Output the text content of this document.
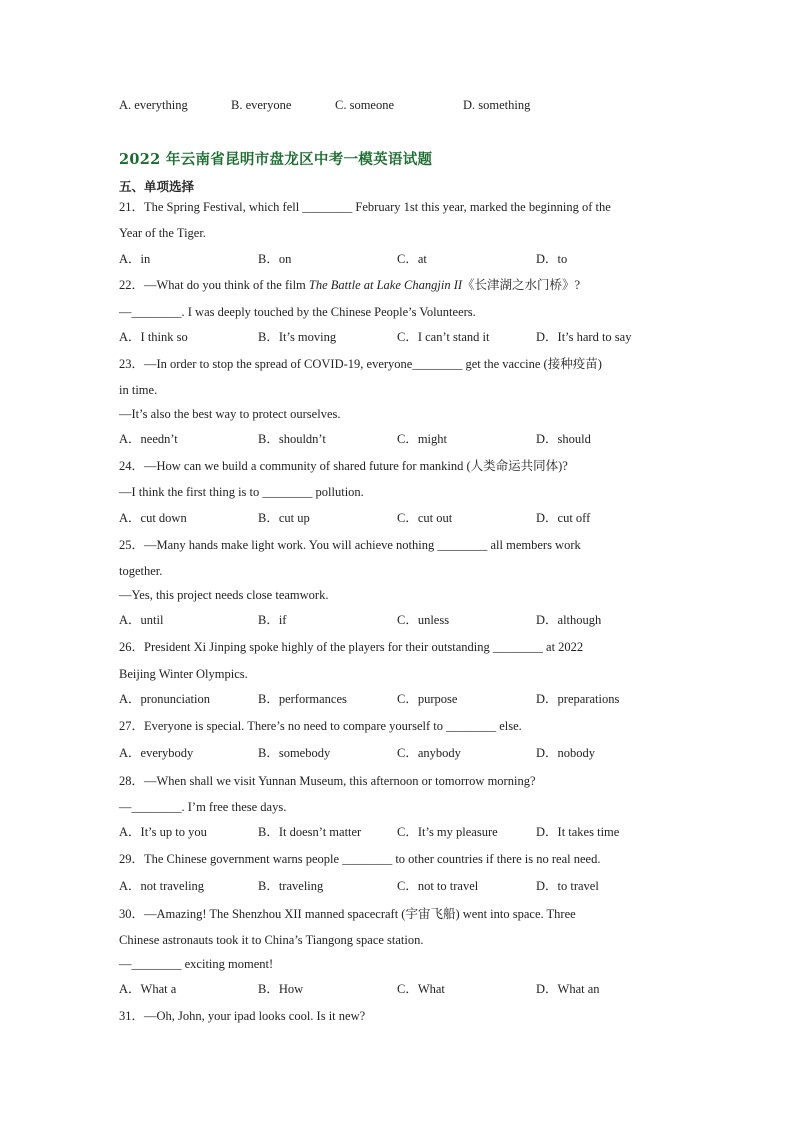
A. everything	B. everyone	C. someone	D. something
2022 年云南省昆明市盘龙区中考一模英语试题
五、单项选择
21．The Spring Festival, which fell ________ February 1st this year, marked the beginning of the
Year of the Tiger.
A．in	B．on	C．at	D．to
22．—What do you think of the film The Battle at Lake Changjin II《长津湖之水门桥》?
—________. I was deeply touched by the Chinese People’s Volunteers.
A．I think so	B．It’s moving	C．I can’t stand it	D．It’s hard to say
23．—In order to stop the spread of COVID-19, everyone________ get the vaccine (接种疫苗)
in time.
—It’s also the best way to protect ourselves.
A．needn’t	B．shouldn’t	C．might	D．should
24．—How can we build a community of shared future for mankind (人类命运共同体)?
—I think the first thing is to ________ pollution.
A．cut down	B．cut up	C．cut out	D．cut off
25．—Many hands make light work. You will achieve nothing ________ all members work
together.
—Yes, this project needs close teamwork.
A．until	B．if	C．unless	D．although
26．President Xi Jinping spoke highly of the players for their outstanding ________ at 2022
Beijing Winter Olympics.
A．pronunciation	B．performances	C．purpose	D．preparations
27．Everyone is special. There’s no need to compare yourself to ________ else.
A．everybody	B．somebody	C．anybody	D．nobody
28．—When shall we visit Yunnan Museum, this afternoon or tomorrow morning?
—________. I’m free these days.
A．It’s up to you	B．It doesn’t matter	C．It’s my pleasure	D．It takes time
29．The Chinese government warns people ________ to other countries if there is no real need.
A．not traveling	B．traveling	C．not to travel	D．to travel
30．—Amazing! The Shenzhou XII manned spacecraft (宇宙飞船) went into space. Three
Chinese astronauts took it to China’s Tiangong space station.
—________ exciting moment!
A．What a	B．How	C．What	D．What an
31．—Oh, John, your ipad looks cool. Is it new?
